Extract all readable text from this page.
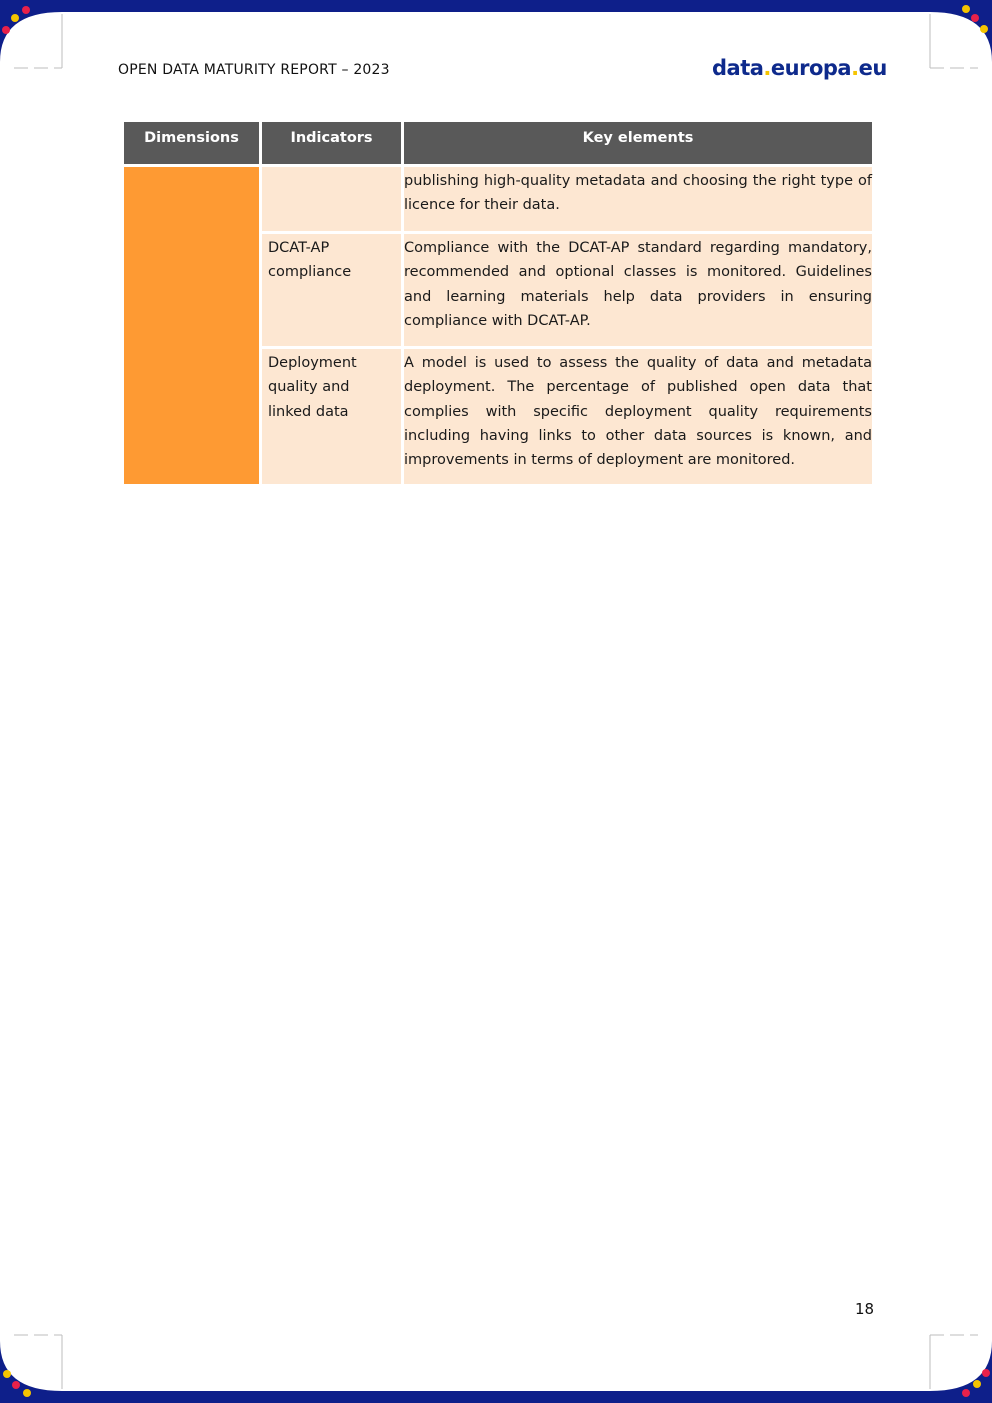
OPEN DATA MATURITY REPORT – 2023	data.europa.eu
Dimensions	Indicators	Key elements
		publishing high-quality metadata and choosing the right type of licence for their data.
	DCAT-AP compliance	Compliance with the DCAT-AP standard regarding mandatory, recommended and optional classes is monitored. Guidelines and learning materials help data providers in ensuring compliance with DCAT-AP.
	Deployment quality and linked data	A model is used to assess the quality of data and metadata deployment. The percentage of published open data that complies with specific deployment quality requirements including having links to other data sources is known, and improvements in terms of deployment are monitored.
18
